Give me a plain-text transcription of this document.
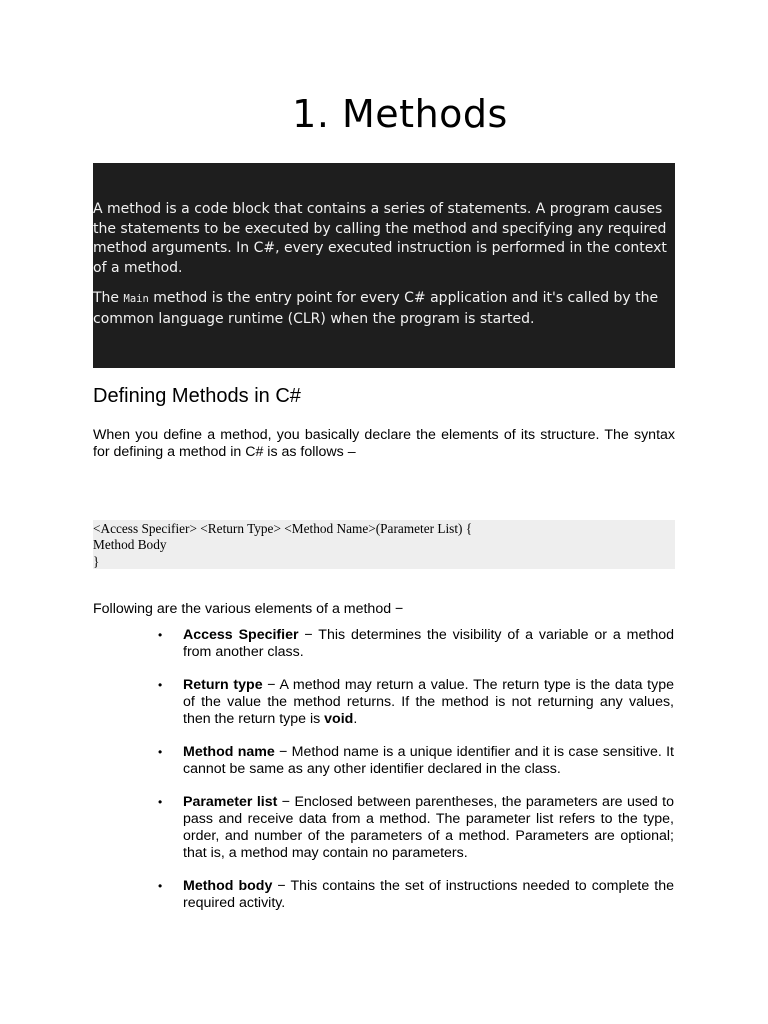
1. Methods

A method is a code block that contains a series of statements. A program causes the statements to be executed by calling the method and specifying any required method arguments. In C#, every executed instruction is performed in the context of a method.

The Main method is the entry point for every C# application and it's called by the common language runtime (CLR) when the program is started.

Defining Methods in C#

When you define a method, you basically declare the elements of its structure. The syntax for defining a method in C# is as follows –

<Access Specifier> <Return Type> <Method Name>(Parameter List) {
Method Body
}

Following are the various elements of a method −

• Access Specifier − This determines the visibility of a variable or a method from another class.
• Return type − A method may return a value. The return type is the data type of the value the method returns. If the method is not returning any values, then the return type is void.
• Method name − Method name is a unique identifier and it is case sensitive. It cannot be same as any other identifier declared in the class.
• Parameter list − Enclosed between parentheses, the parameters are used to pass and receive data from a method. The parameter list refers to the type, order, and number of the parameters of a method. Parameters are optional; that is, a method may contain no parameters.
• Method body − This contains the set of instructions needed to complete the required activity.
